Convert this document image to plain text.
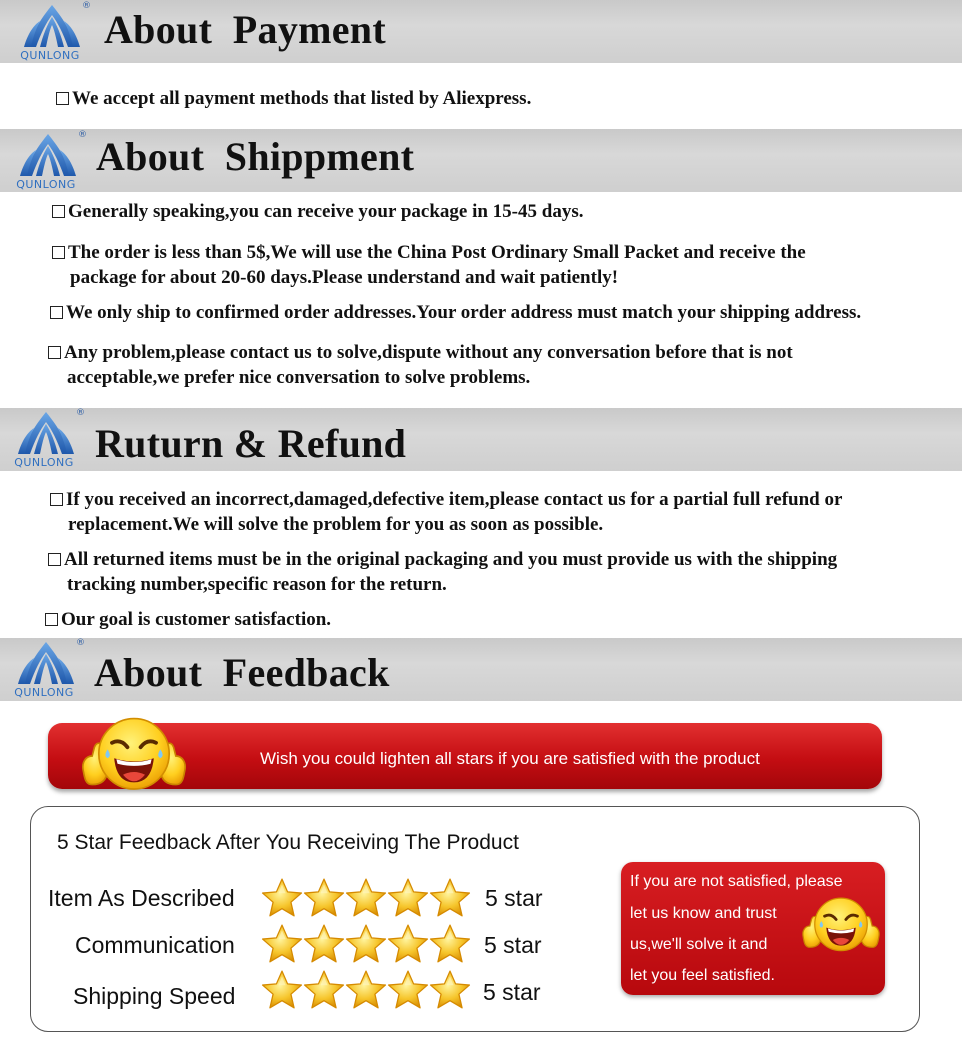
®
QUNLONG
About  Payment
We accept all payment methods that listed by Aliexpress.
®
QUNLONG
About  Shippment
Generally speaking,you can receive your package in 15-45 days.
The order is less than 5$,We will use the China Post Ordinary Small Packet and receive the
package for about 20-60 days.Please understand and wait patiently!
We only ship to confirmed order addresses.Your order address must match your shipping address.
Any problem,please contact us to solve,dispute without any conversation before that is not
acceptable,we prefer nice conversation to solve problems.
®
QUNLONG Ruturn & Refund
If you received an incorrect,damaged,defective item,please contact us for a partial full refund or
replacement.We will solve the problem for you as soon as possible.
All returned items must be in the original packaging and you must provide us with the shipping
tracking number,specific reason for the return.
Our goal is customer satisfaction.
®
QUNLONG About  Feedback
Wish you could lighten all stars if you are satisfied with the product
5 Star Feedback After You Receiving The Product
Item As Described	5 star
Communication	5 star
Shipping Speed	5 star
If you are not satisfied, please
let us know and trust
us,we'll solve it and
let you feel satisfied.
